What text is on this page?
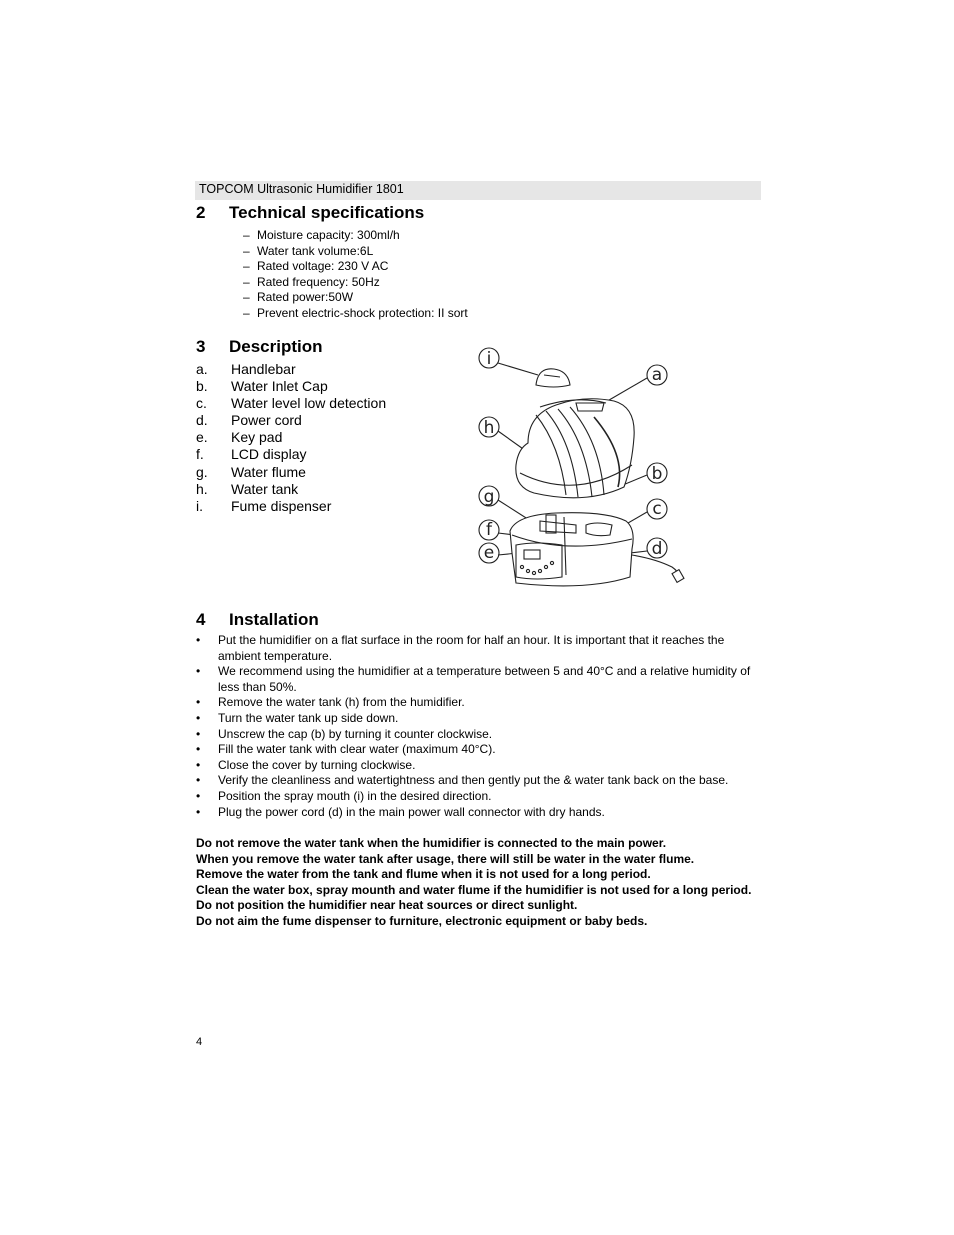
TOPCOM Ultrasonic Humidifier 1801
2 Technical specifications
– Moisture capacity: 300ml/h
– Water tank volume:6L
– Rated voltage: 230 V AC
– Rated frequency: 50Hz
– Rated power:50W
– Prevent electric-shock protection: II sort
3 Description
a. Handlebar
b. Water Inlet Cap
c. Water level low detection
d. Power cord
e. Key pad
f. LCD display
g. Water flume
h. Water tank
i. Fume dispenser
i
a
h
b
g
c
f
d
e
4 Installation
• Put the humidifier on a flat surface in the room for half an hour. It is important that it reaches the ambient temperature.
• We recommend using the humidifier at a temperature between 5 and 40°C and a relative humidity of less than 50%.
• Remove the water tank (h) from the humidifier.
• Turn the water tank up side down.
• Unscrew the cap (b) by turning it counter clockwise.
• Fill the water tank with clear water (maximum 40°C).
• Close the cover by turning clockwise.
• Verify the cleanliness and watertightness and then gently put the & water tank back on the base.
• Position the spray mouth (i) in the desired direction.
• Plug the power cord (d) in the main power wall connector with dry hands.
Do not remove the water tank when the humidifier is connected to the main power.
When you remove the water tank after usage, there will still be water in the water flume.
Remove the water from the tank and flume when it is not used for a long period.
Clean the water box, spray mounth and water flume if the humidifier is not used for a long period.
Do not position the humidifier near heat sources or direct sunlight.
Do not aim the fume dispenser to furniture, electronic equipment or baby beds.
4
